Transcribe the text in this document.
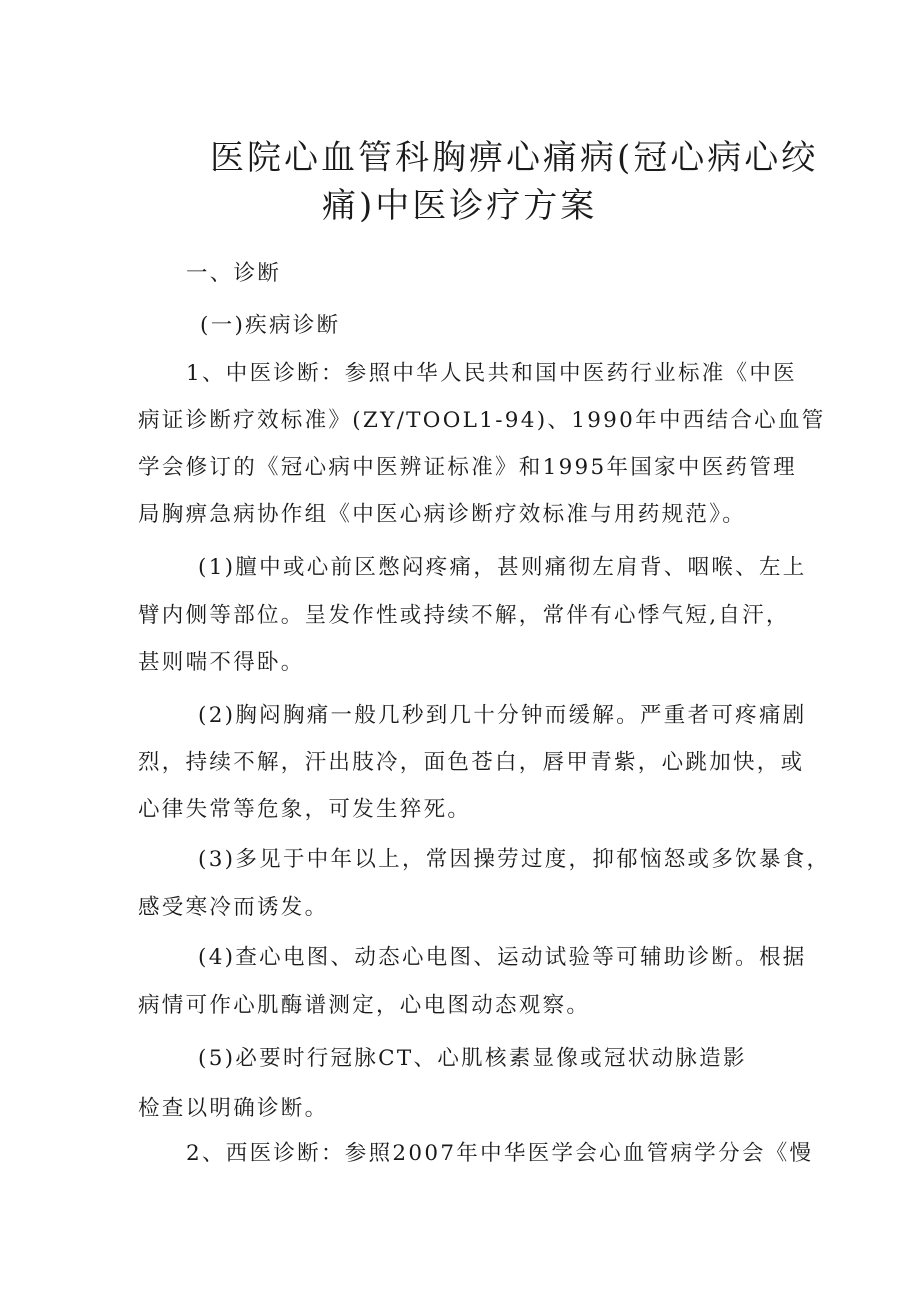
医院心血管科胸痹心痛病(冠心病心绞
痛)中医诊疗方案
一、诊断
(一)疾病诊断
1、中医诊断：参照中华人民共和国中医药行业标准《中医
病证诊断疗效标准》(ZY/TOOL1-94)、1990年中西结合心血管
学会修订的《冠心病中医辨证标准》和1995年国家中医药管理
局胸痹急病协作组《中医心病诊断疗效标准与用药规范》。
(1)膻中或心前区憋闷疼痛，甚则痛彻左肩背、咽喉、左上
臂内侧等部位。呈发作性或持续不解，常伴有心悸气短,自汗，
甚则喘不得卧。
(2)胸闷胸痛一般几秒到几十分钟而缓解。严重者可疼痛剧
烈，持续不解，汗出肢冷，面色苍白，唇甲青紫，心跳加快，或
心律失常等危象，可发生猝死。
(3)多见于中年以上，常因操劳过度，抑郁恼怒或多饮暴食，
感受寒冷而诱发。
(4)查心电图、动态心电图、运动试验等可辅助诊断。根据
病情可作心肌酶谱测定，心电图动态观察。
(5)必要时行冠脉CT、心肌核素显像或冠状动脉造影
检查以明确诊断。
2、西医诊断：参照2007年中华医学会心血管病学分会《慢
